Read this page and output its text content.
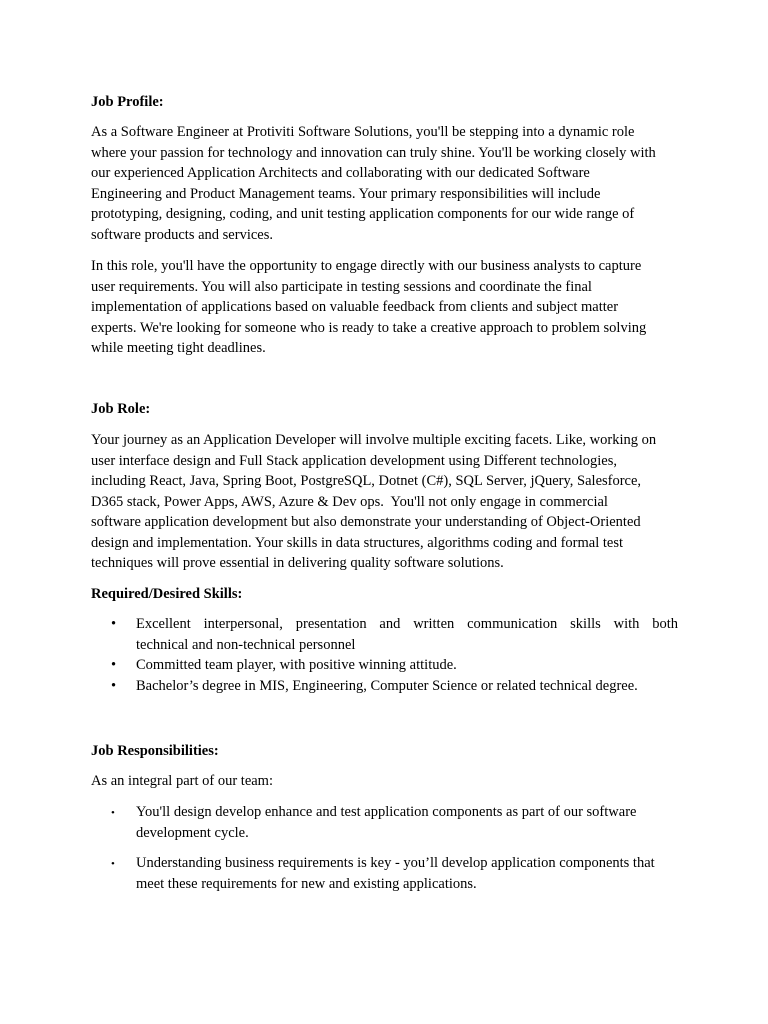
Job Profile:
As a Software Engineer at Protiviti Software Solutions, you'll be stepping into a dynamic role
where your passion for technology and innovation can truly shine. You'll be working closely with
our experienced Application Architects and collaborating with our dedicated Software
Engineering and Product Management teams. Your primary responsibilities will include
prototyping, designing, coding, and unit testing application components for our wide range of
software products and services.
In this role, you'll have the opportunity to engage directly with our business analysts to capture
user requirements. You will also participate in testing sessions and coordinate the final
implementation of applications based on valuable feedback from clients and subject matter
experts. We're looking for someone who is ready to take a creative approach to problem solving
while meeting tight deadlines.
Job Role:
Your journey as an Application Developer will involve multiple exciting facets. Like, working on
user interface design and Full Stack application development using Different technologies,
including React, Java, Spring Boot, PostgreSQL, Dotnet (C#), SQL Server, jQuery, Salesforce,
D365 stack, Power Apps, AWS, Azure & Dev ops.  You'll not only engage in commercial
software application development but also demonstrate your understanding of Object-Oriented
design and implementation. Your skills in data structures, algorithms coding and formal test
techniques will prove essential in delivering quality software solutions.
Required/Desired Skills:
• Excellent interpersonal, presentation and written communication skills with both
technical and non-technical personnel
• Committed team player, with positive winning attitude.
• Bachelor’s degree in MIS, Engineering, Computer Science or related technical degree.
Job Responsibilities:
As an integral part of our team:
• You'll design develop enhance and test application components as part of our software
development cycle.
• Understanding business requirements is key - you’ll develop application components that
meet these requirements for new and existing applications.
